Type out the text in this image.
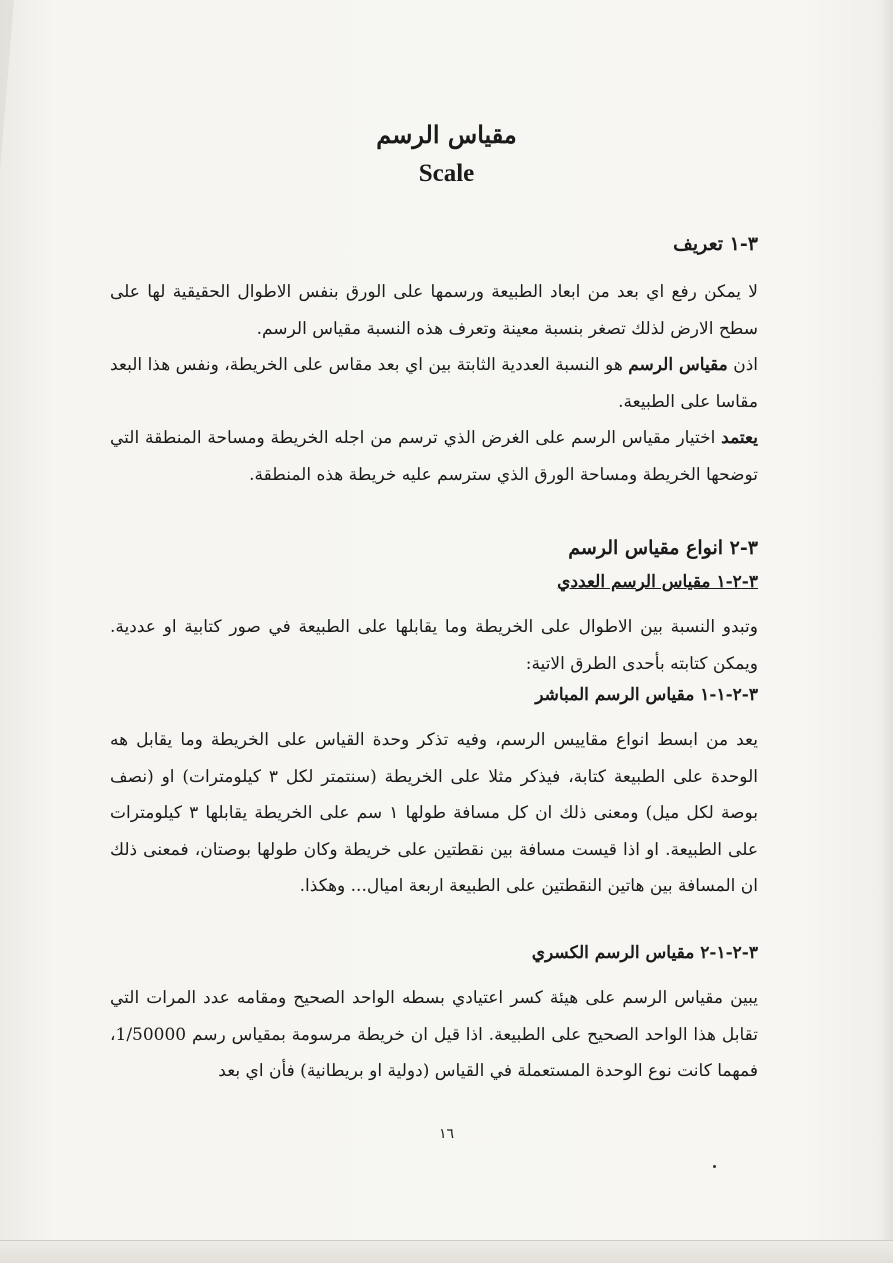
مقياس الرسم
Scale
٣-١ تعريف
لا يمكن رفع اي بعد من ابعاد الطبيعة ورسمها على الورق بنفس الاطوال الحقيقية لها على سطح الارض لذلك تصغر بنسبة معينة وتعرف هذه النسبة مقياس الرسم.
اذن مقياس الرسم هو النسبة العددية الثابتة بين اي بعد مقاس على الخريطة، ونفس هذا البعد مقاسا على الطبيعة.
يعتمد اختيار مقياس الرسم على الغرض الذي ترسم من اجله الخريطة ومساحة المنطقة التي توضحها الخريطة ومساحة الورق الذي سترسم عليه خريطة هذه المنطقة.
٣-٢ انواع مقياس الرسم
٣-٢-١ مقياس الرسم العددي
وتبدو النسبة بين الاطوال على الخريطة وما يقابلها على الطبيعة في صور كتابية او عددية. ويمكن كتابته بأحدى الطرق الاتية:
٣-٢-١-١ مقياس الرسم المباشر
يعد من ابسط انواع مقاييس الرسم، وفيه تذكر وحدة القياس على الخريطة وما يقابل هه الوحدة على الطبيعة كتابة، فيذكر مثلا على الخريطة (سنتمتر لكل ٣ كيلومترات) او (نصف بوصة لكل ميل) ومعنى ذلك ان كل مسافة طولها ١ سم على الخريطة يقابلها ٣ كيلومترات على الطبيعة. او اذا قيست مسافة بين نقطتين على خريطة وكان طولها بوصتان، فمعنى ذلك ان المسافة بين هاتين النقطتين على الطبيعة اربعة اميال... وهكذا.
٣-٢-١-٢ مقياس الرسم الكسري
يبين مقياس الرسم على هيئة كسر اعتيادي بسطه الواحد الصحيح ومقامه عدد المرات التي تقابل هذا الواحد الصحيح على الطبيعة. اذا قيل ان خريطة مرسومة بمقياس رسم 1/50000، فمهما كانت نوع الوحدة المستعملة في القياس (دولية او بريطانية) فأن اي بعد
١٦
